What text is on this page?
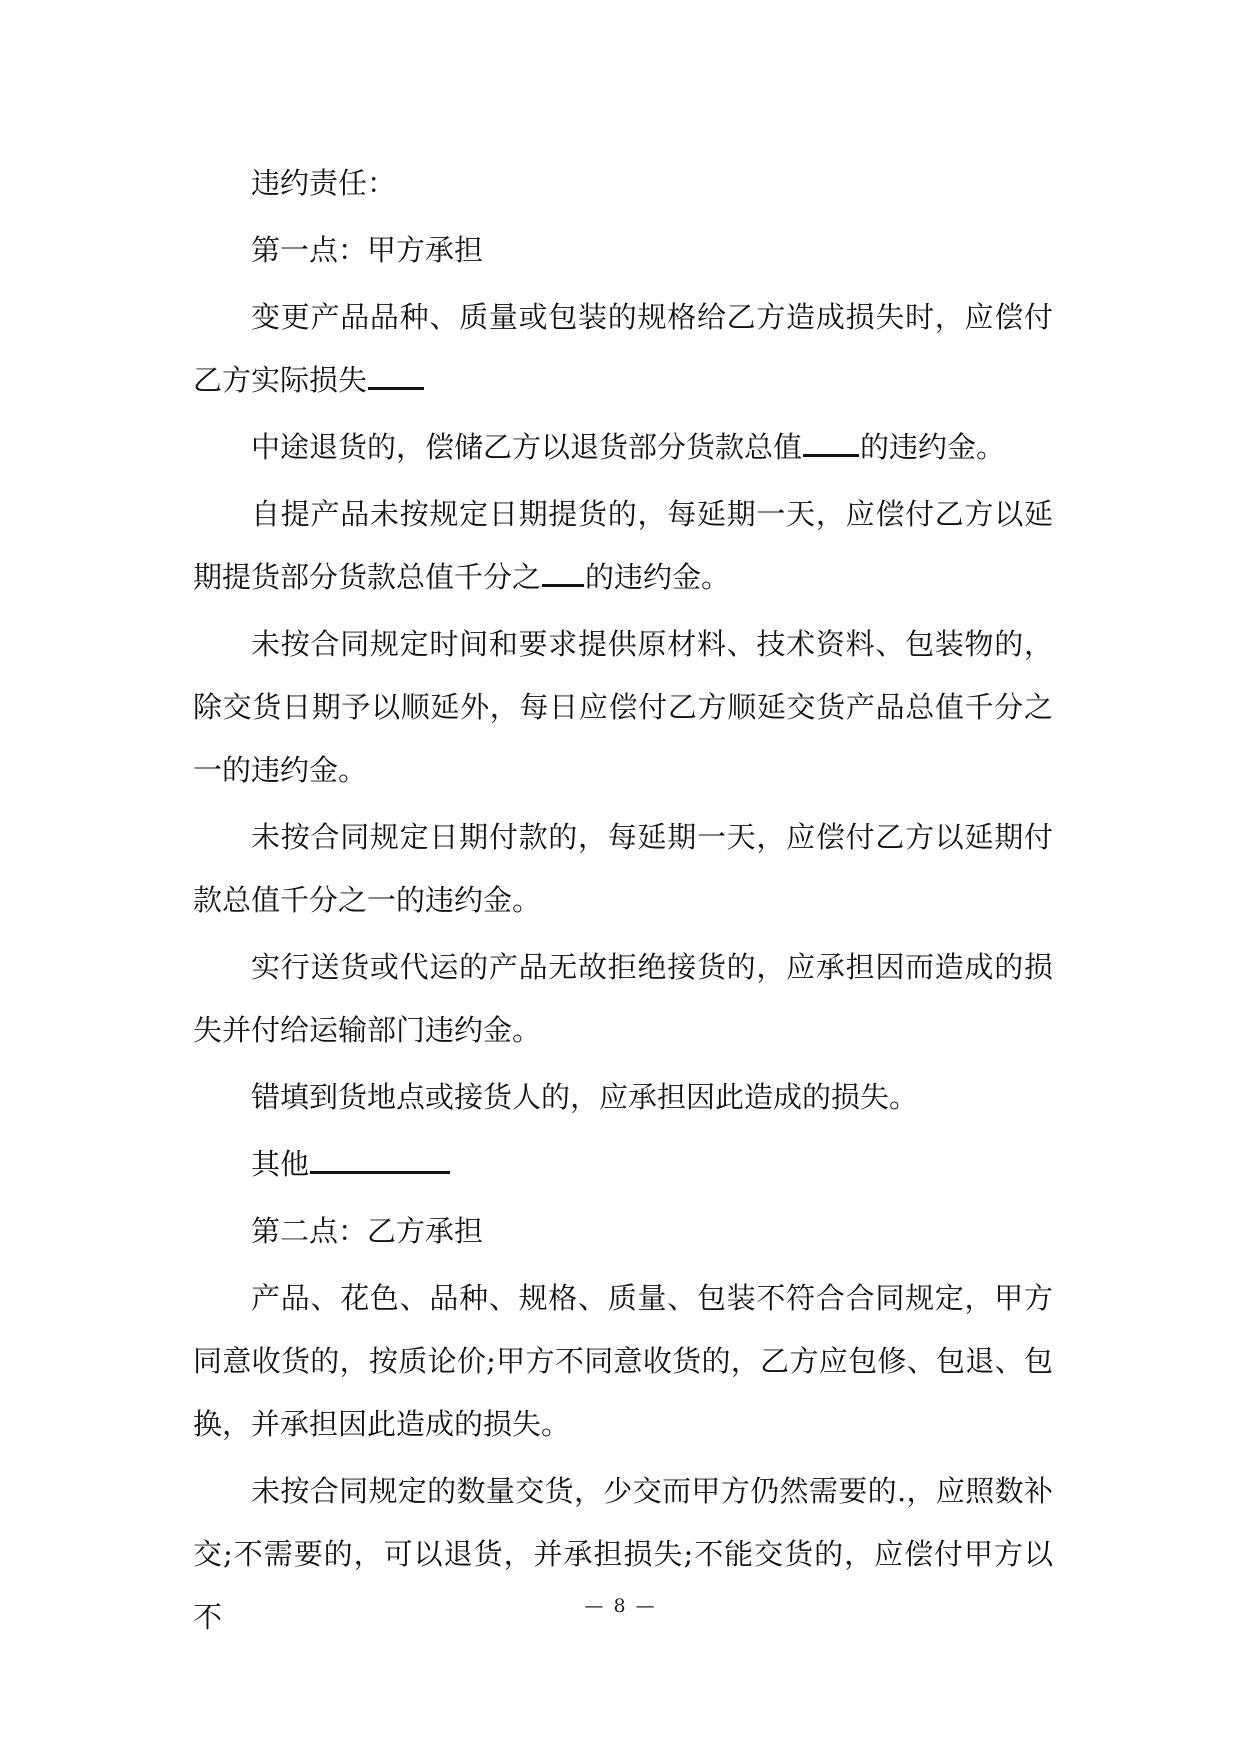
违约责任：

第一点：甲方承担

变更产品品种、质量或包装的规格给乙方造成损失时，应偿付乙方实际损失

中途退货的，偿储乙方以退货部分货款总值 的违约金。

自提产品未按规定日期提货的，每延期一天，应偿付乙方以延期提货部分货款总值千分之 的违约金。

未按合同规定时间和要求提供原材料、技术资料、包装物的，除交货日期予以顺延外，每日应偿付乙方顺延交货产品总值千分之一的违约金。

未按合同规定日期付款的，每延期一天，应偿付乙方以延期付款总值千分之一的违约金。

实行送货或代运的产品无故拒绝接货的，应承担因而造成的损失并付给运输部门违约金。

错填到货地点或接货人的，应承担因此造成的损失。

其他

第二点：乙方承担

产品、花色、品种、规格、质量、包装不符合合同规定，甲方同意收货的，按质论价;甲方不同意收货的，乙方应包修、包退、包换，并承担因此造成的损失。

未按合同规定的数量交货，少交而甲方仍然需要的.，应照数补交;不需要的，可以退货，并承担损失;不能交货的，应偿付甲方以不	— 8 —
